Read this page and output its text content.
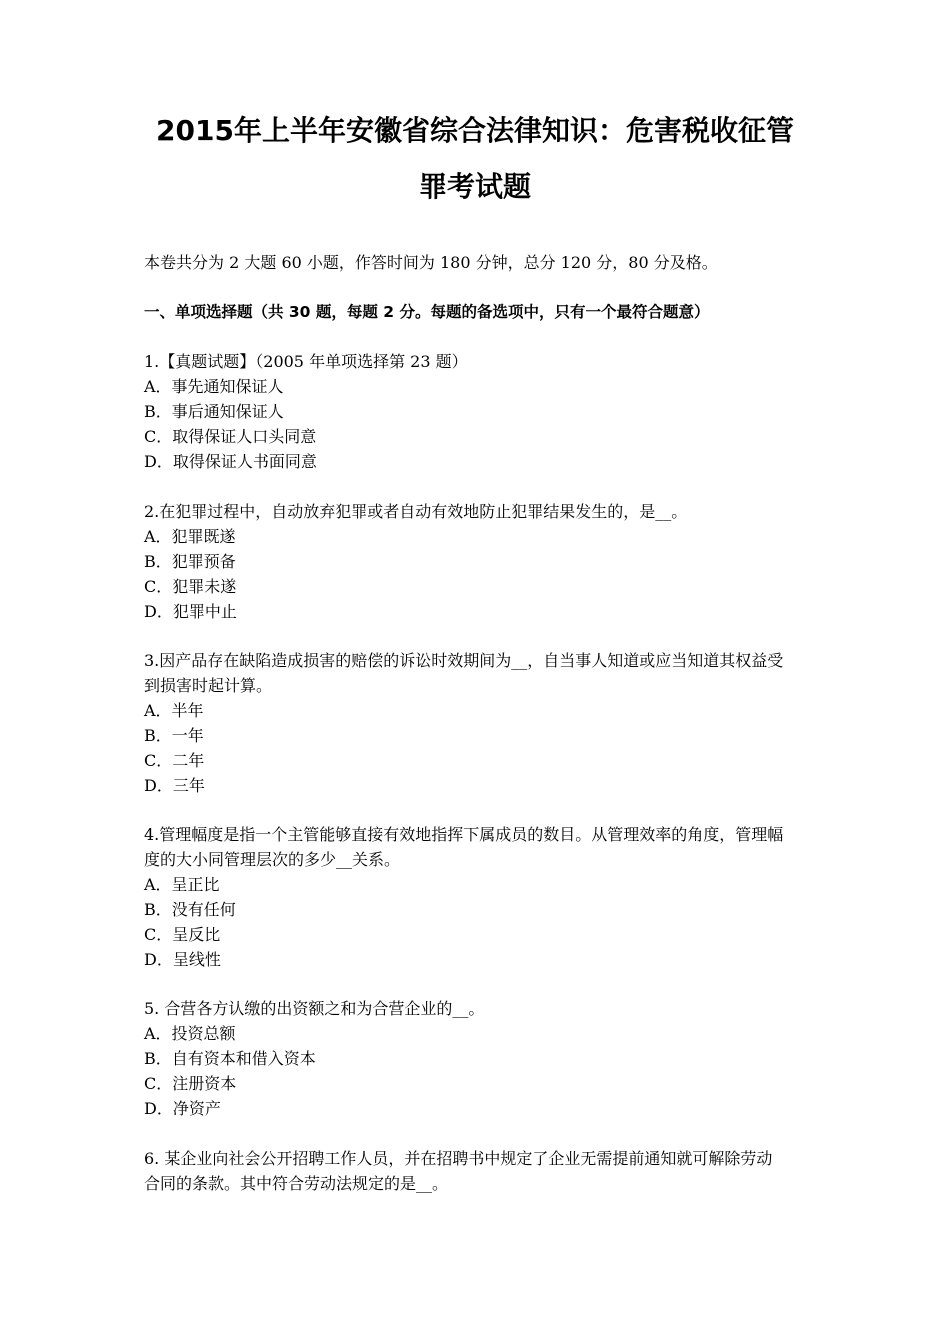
2015年上半年安徽省综合法律知识：危害税收征管
罪考试题
本卷共分为 2 大题 60 小题，作答时间为 180 分钟，总分 120 分，80 分及格。
一、单项选择题（共 30 题，每题 2 分。每题的备选项中，只有一个最符合题意）
1.【真题试题】（2005 年单项选择第 23 题）
A．事先通知保证人
B．事后通知保证人
C．取得保证人口头同意
D．取得保证人书面同意
2.在犯罪过程中，自动放弃犯罪或者自动有效地防止犯罪结果发生的，是__。
A．犯罪既遂
B．犯罪预备
C．犯罪未遂
D．犯罪中止
3.因产品存在缺陷造成损害的赔偿的诉讼时效期间为__，自当事人知道或应当知道其权益受
到损害时起计算。
A．半年
B．一年
C．二年
D．三年
4.管理幅度是指一个主管能够直接有效地指挥下属成员的数目。从管理效率的角度，管理幅
度的大小同管理层次的多少__关系。
A．呈正比
B．没有任何
C．呈反比
D．呈线性
5. 合营各方认缴的出资额之和为合营企业的__。
A．投资总额
B．自有资本和借入资本
C．注册资本
D．净资产
6. 某企业向社会公开招聘工作人员，并在招聘书中规定了企业无需提前通知就可解除劳动
合同的条款。其中符合劳动法规定的是__。
